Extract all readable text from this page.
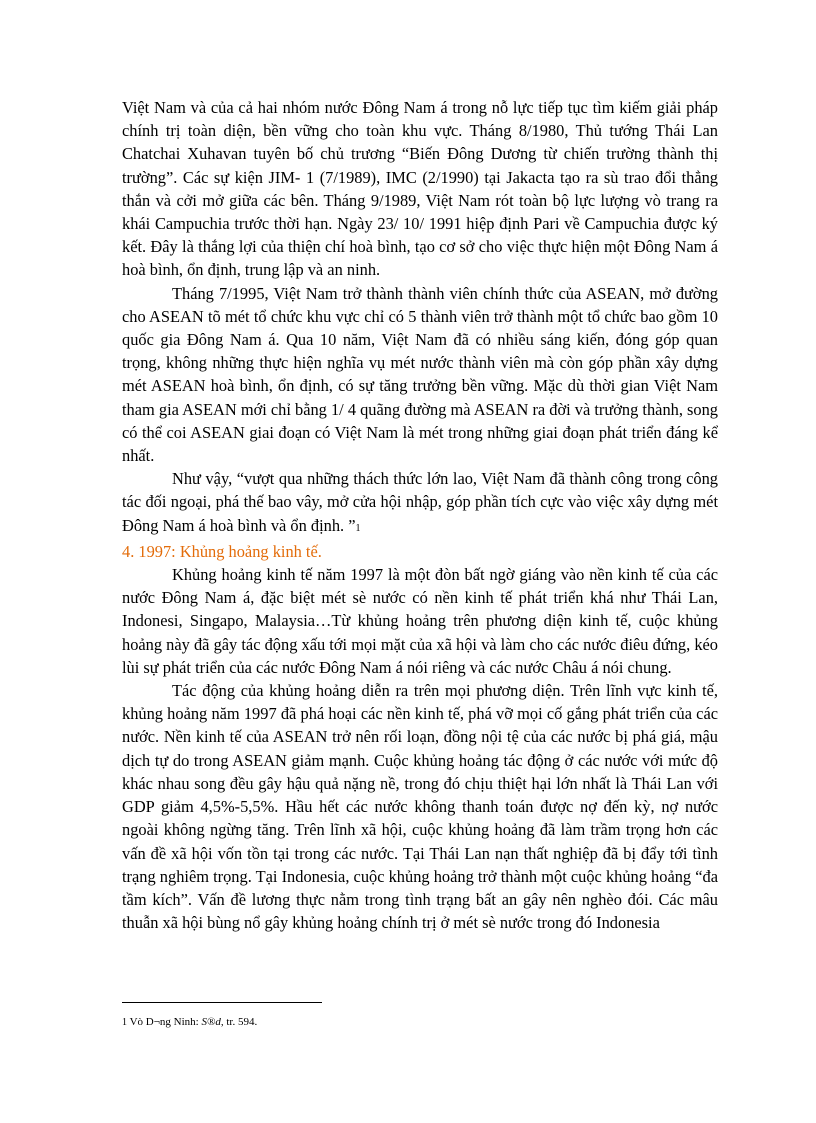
Việt Nam và của cả hai nhóm nước Đông Nam á trong nỗ lực tiếp tục tìm kiếm giải pháp chính trị toàn diện, bền vững cho toàn khu vực. Tháng 8/1980, Thủ tướng Thái Lan Chatchai Xuhavan tuyên bố chủ trương “Biến Đông Dương từ chiến trường thành thị trường”. Các sự kiện JIM- 1 (7/1989), IMC (2/1990) tại Jakacta tạo ra sù trao đổi thẳng thắn và cởi mở giữa các bên. Tháng 9/1989, Việt Nam rót toàn bộ lực lượng vò trang ra khái Campuchia trước thời hạn. Ngày 23/ 10/ 1991 hiệp định Pari về Campuchia được ký kết. Đây là thắng lợi của thiện chí hoà bình, tạo cơ sở cho việc thực hiện một Đông Nam á hoà bình, ổn định, trung lập và an ninh.

Tháng 7/1995, Việt Nam trở thành thành viên chính thức của ASEAN, mở đường cho ASEAN tõ mét tổ chức khu vực chỉ có 5 thành viên trở thành một tổ chức bao gồm 10 quốc gia Đông Nam á. Qua 10 năm, Việt Nam đã có nhiều sáng kiến, đóng góp quan trọng, không những thực hiện nghĩa vụ mét nước thành viên mà còn góp phần xây dựng mét ASEAN hoà bình, ổn định, có sự tăng trưởng bền vững. Mặc dù thời gian Việt Nam tham gia ASEAN mới chỉ bằng 1/ 4 quãng đường mà ASEAN ra đời và trưởng thành, song có thể coi ASEAN giai đoạn có Việt Nam là mét trong những giai đoạn phát triển đáng kể nhất.

Như vậy, “vượt qua những thách thức lớn lao, Việt Nam đã thành công trong công tác đối ngoại, phá thế bao vây, mở cửa hội nhập, góp phần tích cực vào việc xây dựng mét Đông Nam á hoà bình và ổn định. ”1

4. 1997: Khủng hoảng kinh tế.

Khủng hoảng kinh tế năm 1997 là một đòn bất ngờ giáng vào nền kinh tế của các nước Đông Nam á, đặc biệt mét sè nước có nền kinh tế phát triển khá như Thái Lan, Indonesi, Singapo, Malaysia…Từ khủng hoảng trên phương diện kinh tế, cuộc khủng hoảng này đã gây tác động xấu tới mọi mặt của xã hội và làm cho các nước điêu đứng, kéo lùi sự phát triển của các nước Đông Nam á nói riêng và các nước Châu á nói chung.

Tác động của khủng hoảng diễn ra trên mọi phương diện. Trên lĩnh vực kinh tế, khủng hoảng năm 1997 đã phá hoại các nền kinh tế, phá vỡ mọi cố gắng phát triển của các nước. Nền kinh tế của ASEAN trở nên rối loạn, đồng nội tệ của các nước bị phá giá, mậu dịch tự do trong ASEAN giảm mạnh. Cuộc khủng hoảng tác động ở các nước với mức độ khác nhau song đều gây hậu quả nặng nề, trong đó chịu thiệt hại lớn nhất là Thái Lan với GDP giảm 4,5%-5,5%. Hầu hết các nước không thanh toán được nợ đến kỳ, nợ nước ngoài không ngừng tăng. Trên lĩnh xã hội, cuộc khủng hoảng đã làm trầm trọng hơn các vấn đề xã hội vốn tồn tại trong các nước. Tại Thái Lan nạn thất nghiệp đã bị đẩy tới tình trạng nghiêm trọng. Tại Indonesia, cuộc khủng hoảng trở thành một cuộc khủng hoảng “đa tầm kích”. Vấn đề lương thực nằm trong tình trạng bất an gây nên nghèo đói. Các mâu thuẫn xã hội bùng nổ gây khủng hoảng chính trị ở mét sè nước trong đó Indonesia

1 Vò D¬ng Ninh: S®d, tr. 594.
